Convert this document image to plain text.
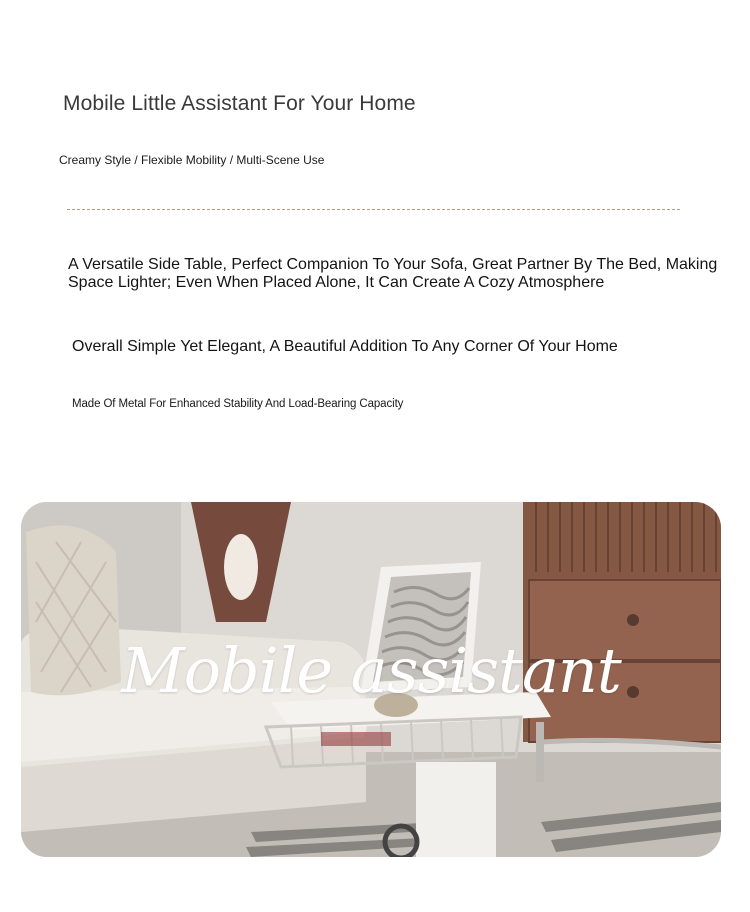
Mobile Little Assistant For Your Home
Creamy Style / Flexible Mobility / Multi-Scene Use
A Versatile Side Table, Perfect Companion To Your Sofa, Great Partner By The Bed, Making Space Lighter; Even When Placed Alone, It Can Create A Cozy Atmosphere
Overall Simple Yet Elegant, A Beautiful Addition To Any Corner Of Your Home
Made Of Metal For Enhanced Stability And Load-Bearing Capacity
Mobile assistant
